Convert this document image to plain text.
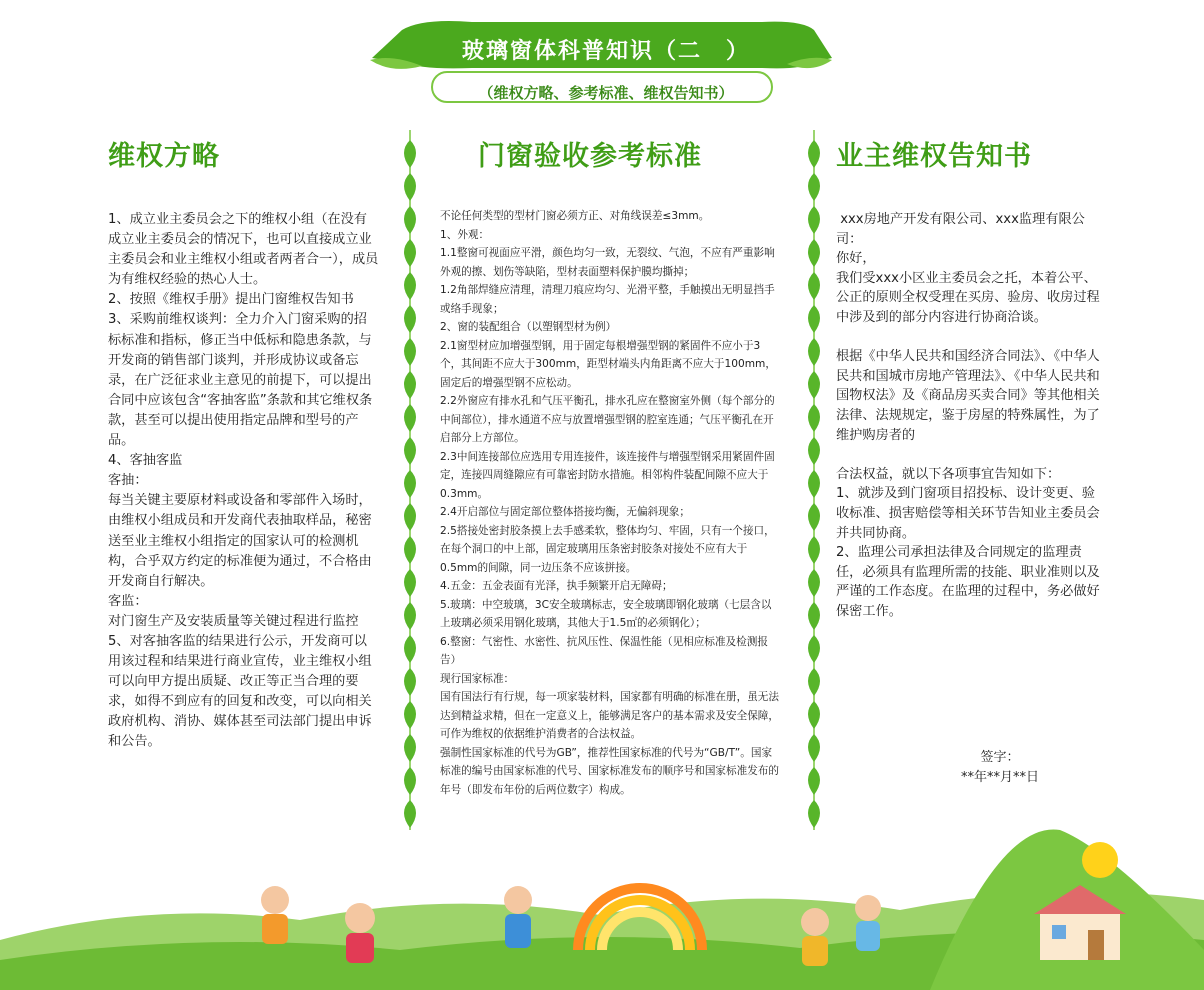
玻璃窗体科普知识（二　）
（维权方略、参考标准、维权告知书）
维权方略	门窗验收参考标准	业主维权告知书
1、成立业主委员会之下的维权小组（在没有成立业主委员会的情况下，也可以直接成立业主委员会和业主维权小组或者两者合一），成员为有维权经验的热心人士。
2、按照《维权手册》提出门窗维权告知书
3、采购前维权谈判：全力介入门窗采购的招标标准和指标，修正当中低标和隐患条款，与开发商的销售部门谈判，并形成协议或备忘录，在广泛征求业主意见的前提下，可以提出合同中应该包含“客抽客监”条款和其它维权条款，甚至可以提出使用指定品牌和型号的产品。
4、客抽客监
客抽：
每当关键主要原材料或设备和零部件入场时，由维权小组成员和开发商代表抽取样品，秘密送至业主维权小组指定的国家认可的检测机构，合乎双方约定的标准便为通过，不合格由开发商自行解决。
客监：
对门窗生产及安装质量等关键过程进行监控
5、对客抽客监的结果进行公示，开发商可以用该过程和结果进行商业宣传，业主维权小组可以向甲方提出质疑、改正等正当合理的要求，如得不到应有的回复和改变，可以向相关政府机构、消协、媒体甚至司法部门提出申诉和公告。
不论任何类型的型材门窗必须方正、对角线误差≤3mm。
1、外观：
1.1整窗可视面应平滑，颜色均匀一致，无裂纹、气泡，不应有严重影响外观的擦、划伤等缺陷，型材表面塑料保护膜均撕掉；
1.2角部焊缝应清理，清理刀痕应均匀、光滑平整，手触摸出无明显挡手或络手现象；
2、窗的装配组合（以塑钢型材为例）
2.1窗型材应加增强型钢，用于固定每根增强型钢的紧固件不应小于3个，其间距不应大于300mm，距型材端头内角距离不应大于100mm，固定后的增强型钢不应松动。
2.2外窗应有排水孔和气压平衡孔，排水孔应在整窗室外侧（每个部分的中间部位），排水通道不应与放置增强型钢的腔室连通；气压平衡孔在开启部分上方部位。
2.3中间连接部位应选用专用连接件，该连接件与增强型钢采用紧固件固定，连接四周缝隙应有可靠密封防水措施。相邻构件装配间隙不应大于0.3mm。
2.4开启部位与固定部位整体搭接均衡，无偏斜现象；
2.5搭接处密封胶条摸上去手感柔软，整体均匀、牢固，只有一个接口，在每个洞口的中上部，固定玻璃用压条密封胶条对接处不应有大于0.5mm的间隙，同一边压条不应该拼接。
4.五金：五金表面有光泽，执手频繁开启无障碍；
5.玻璃：中空玻璃，3C安全玻璃标志，安全玻璃即钢化玻璃（七层含以上玻璃必须采用钢化玻璃，其他大于1.5㎡的必须钢化）；
6.整窗：气密性、水密性、抗风压性、保温性能（见相应标准及检测报告）
现行国家标准：
国有国法行有行规，每一项家装材料，国家都有明确的标准在册，虽无法达到精益求精，但在一定意义上，能够满足客户的基本需求及安全保障，可作为维权的依据维护消费者的合法权益。
强制性国家标准的代号为GB”，推荐性国家标准的代号为“GB/T”。国家标准的编号由国家标准的代号、国家标准发布的顺序号和国家标准发布的年号（即发布年份的后两位数字）构成。
xxx房地产开发有限公司、xxx监理有限公司：
你好，
我们受xxx小区业主委员会之托，本着公平、公正的原则全权受理在买房、验房、收房过程中涉及到的部分内容进行协商洽谈。

根据《中华人民共和国经济合同法》、《中华人民共和国城市房地产管理法》、《中华人民共和国物权法》及《商品房买卖合同》等其他相关法律、法规规定，鉴于房屋的特殊属性，为了维护购房者的

合法权益，就以下各项事宜告知如下：
1、就涉及到门窗项目招投标、设计变更、验收标准、损害赔偿等相关环节告知业主委员会并共同协商。
2、监理公司承担法律及合同规定的监理责任，必须具有监理所需的技能、职业准则以及严谨的工作态度。在监理的过程中，务必做好保密工作。
签字：
**年**月**日
